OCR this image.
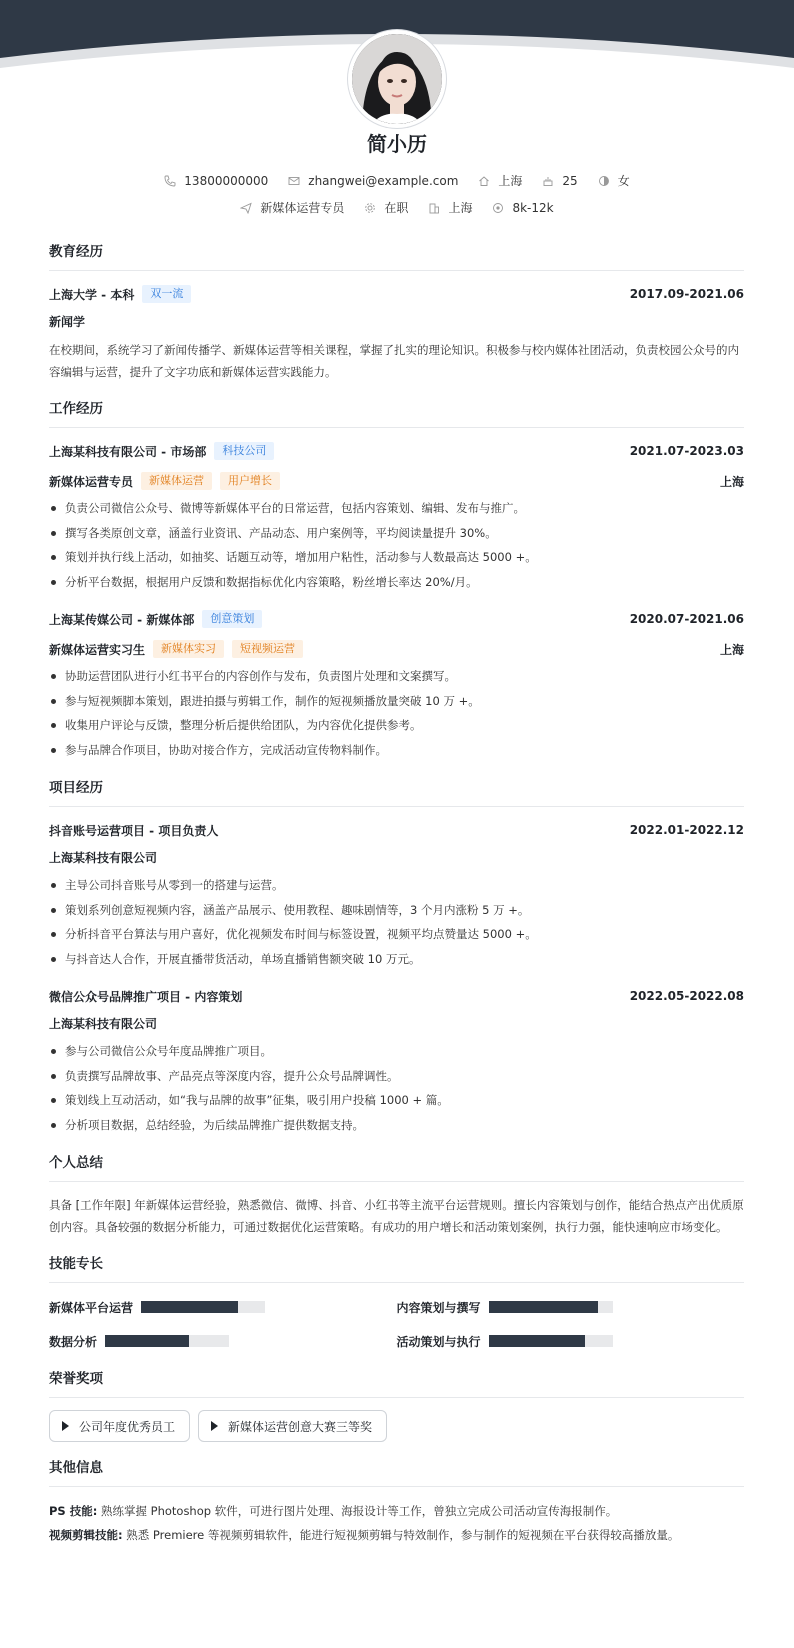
简小历
13800000000	zhangwei@example.com	上海	25	女
新媒体运营专员	在职	上海	8k-12k
教育经历
上海大学 - 本科	双一流	2017.09-2021.06
新闻学
在校期间，系统学习了新闻传播学、新媒体运营等相关课程，掌握了扎实的理论知识。积极参与校内媒体社团活动，负责校园公众号的内容编辑与运营，提升了文字功底和新媒体运营实践能力。
工作经历
上海某科技有限公司 - 市场部	科技公司	2021.07-2023.03
新媒体运营专员	新媒体运营	用户增长	上海
负责公司微信公众号、微博等新媒体平台的日常运营，包括内容策划、编辑、发布与推广。
撰写各类原创文章，涵盖行业资讯、产品动态、用户案例等，平均阅读量提升 30%。
策划并执行线上活动，如抽奖、话题互动等，增加用户粘性，活动参与人数最高达 5000 +。
分析平台数据，根据用户反馈和数据指标优化内容策略，粉丝增长率达 20%/月。
上海某传媒公司 - 新媒体部	创意策划	2020.07-2021.06
新媒体运营实习生	新媒体实习	短视频运营	上海
协助运营团队进行小红书平台的内容创作与发布，负责图片处理和文案撰写。
参与短视频脚本策划，跟进拍摄与剪辑工作，制作的短视频播放量突破 10 万 +。
收集用户评论与反馈，整理分析后提供给团队，为内容优化提供参考。
参与品牌合作项目，协助对接合作方，完成活动宣传物料制作。
项目经历
抖音账号运营项目 - 项目负责人	2022.01-2022.12
上海某科技有限公司
主导公司抖音账号从零到一的搭建与运营。
策划系列创意短视频内容，涵盖产品展示、使用教程、趣味剧情等，3 个月内涨粉 5 万 +。
分析抖音平台算法与用户喜好，优化视频发布时间与标签设置，视频平均点赞量达 5000 +。
与抖音达人合作，开展直播带货活动，单场直播销售额突破 10 万元。
微信公众号品牌推广项目 - 内容策划	2022.05-2022.08
上海某科技有限公司
参与公司微信公众号年度品牌推广项目。
负责撰写品牌故事、产品亮点等深度内容，提升公众号品牌调性。
策划线上互动活动，如“我与品牌的故事”征集，吸引用户投稿 1000 + 篇。
分析项目数据，总结经验，为后续品牌推广提供数据支持。
个人总结
具备 [工作年限] 年新媒体运营经验，熟悉微信、微博、抖音、小红书等主流平台运营规则。擅长内容策划与创作，能结合热点产出优质原创内容。具备较强的数据分析能力，可通过数据优化运营策略。有成功的用户增长和活动策划案例，执行力强，能快速响应市场变化。
技能专长
新媒体平台运营	内容策划与撰写
数据分析	活动策划与执行
荣誉奖项
公司年度优秀员工	新媒体运营创意大赛三等奖
其他信息
PS 技能: 熟练掌握 Photoshop 软件，可进行图片处理、海报设计等工作，曾独立完成公司活动宣传海报制作。
视频剪辑技能: 熟悉 Premiere 等视频剪辑软件，能进行短视频剪辑与特效制作，参与制作的短视频在平台获得较高播放量。
